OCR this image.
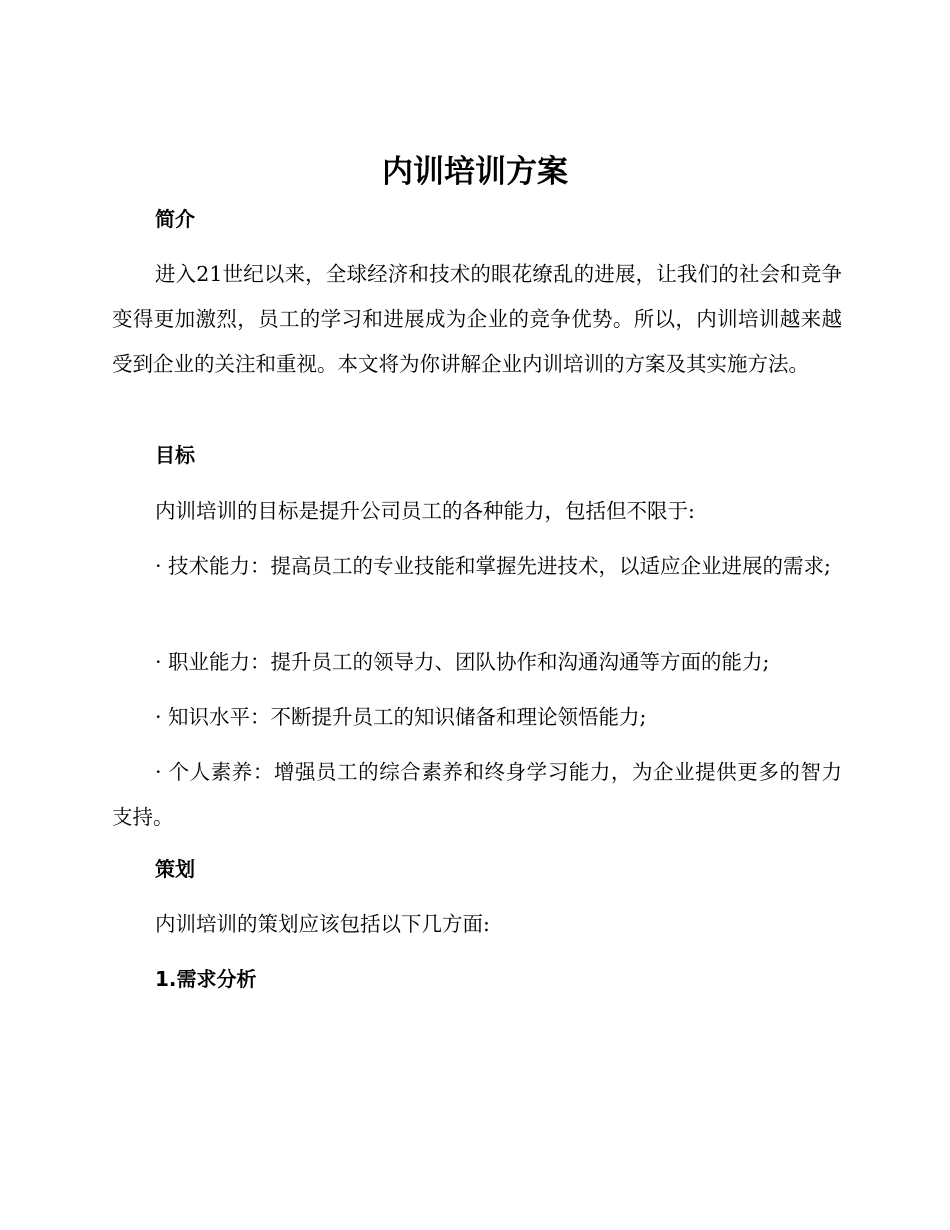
内训培训方案
简介

进入21世纪以来，全球经济和技术的眼花缭乱的进展，让我们的社会和竞争变得更加激烈，员工的学习和进展成为企业的竞争优势。所以，内训培训越来越受到企业的关注和重视。本文将为你讲解企业内训培训的方案及其实施方法。

目标

内训培训的目标是提升公司员工的各种能力，包括但不限于:

· 技术能力：提高员工的专业技能和掌握先进技术，以适应企业进展的需求;

· 职业能力：提升员工的领导力、团队协作和沟通沟通等方面的能力;

· 知识水平：不断提升员工的知识储备和理论领悟能力;

· 个人素养：增强员工的综合素养和终身学习能力，为企业提供更多的智力支持。

策划

内训培训的策划应该包括以下几方面:

1.需求分析
